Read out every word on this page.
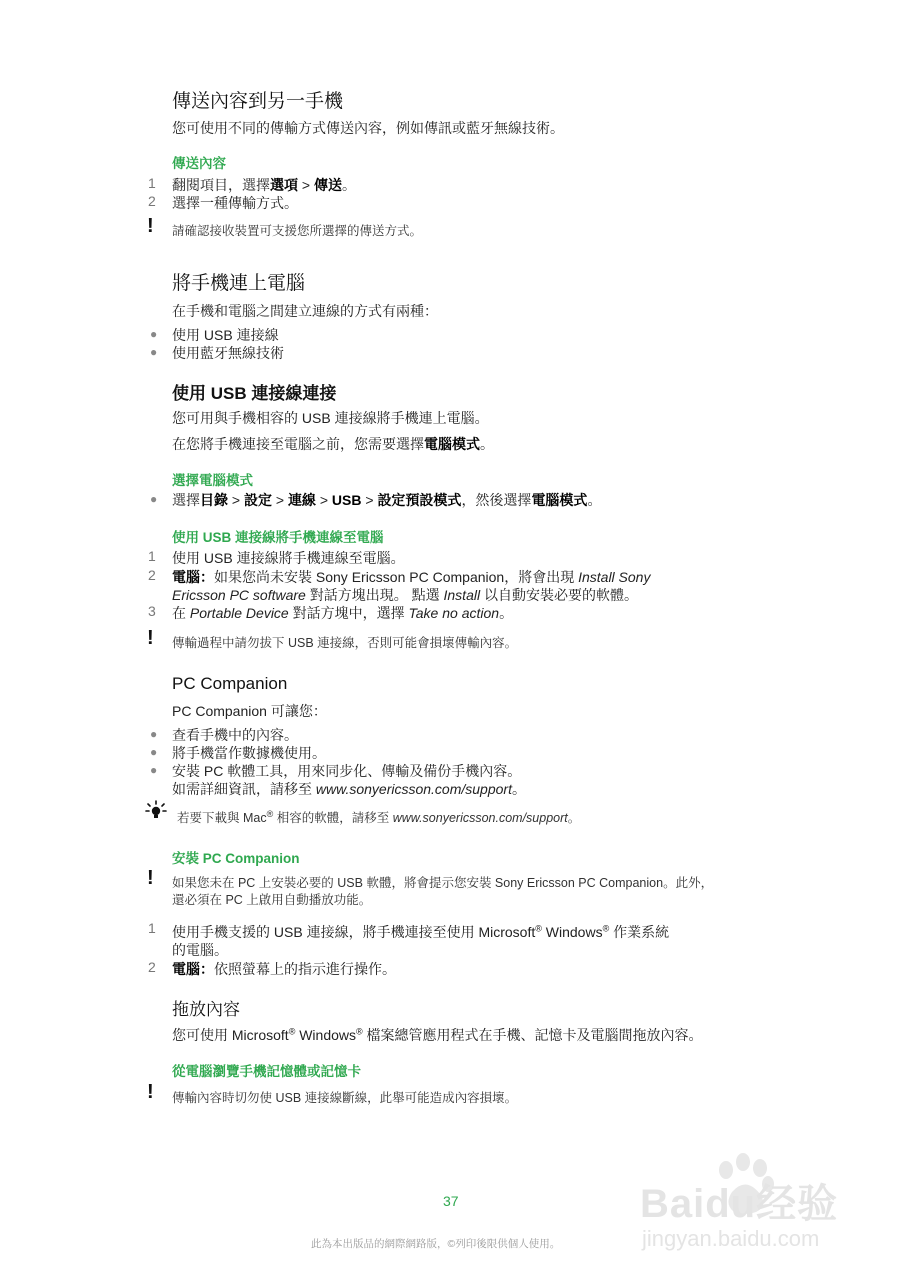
傳送內容到另一手機
您可使用不同的傳輸方式傳送內容，例如傳訊或藍牙無線技術。
傳送內容
1 翻閱項目，選擇選項 > 傳送。
2 選擇一種傳輸方式。
! 請確認接收裝置可支援您所選擇的傳送方式。
將手機連上電腦
在手機和電腦之間建立連線的方式有兩種：
● 使用 USB 連接線
● 使用藍牙無線技術
使用 USB 連接線連接
您可用與手機相容的 USB 連接線將手機連上電腦。
在您將手機連接至電腦之前，您需要選擇電腦模式。
選擇電腦模式
● 選擇目錄 > 設定 > 連線 > USB > 設定預設模式，然後選擇電腦模式。
使用 USB 連接線將手機連線至電腦
1 使用 USB 連接線將手機連線至電腦。
2 電腦：如果您尚未安裝 Sony Ericsson PC Companion，將會出現 Install Sony
Ericsson PC software 對話方塊出現。 點選 Install 以自動安裝必要的軟體。
3 在 Portable Device 對話方塊中，選擇 Take no action。
! 傳輸過程中請勿拔下 USB 連接線，否則可能會損壞傳輸內容。
PC Companion
PC Companion 可讓您：
● 查看手機中的內容。
● 將手機當作數據機使用。
● 安裝 PC 軟體工具，用來同步化、傳輸及備份手機內容。
如需詳細資訊，請移至 www.sonyericsson.com/support。
若要下載與 Mac® 相容的軟體，請移至 www.sonyericsson.com/support。
安裝 PC Companion
! 如果您未在 PC 上安裝必要的 USB 軟體，將會提示您安裝 Sony Ericsson PC Companion。此外，
還必須在 PC 上啟用自動播放功能。
1 使用手機支援的 USB 連接線，將手機連接至使用 Microsoft® Windows® 作業系統
的電腦。
2 電腦：依照螢幕上的指示進行操作。
拖放內容
您可使用 Microsoft® Windows® 檔案總管應用程式在手機、記憶卡及電腦間拖放內容。
從電腦瀏覽手機記憶體或記憶卡
! 傳輸內容時切勿使 USB 連接線斷線，此舉可能造成內容損壞。
37
此為本出版品的網際網路版，©列印後限供個人使用。
Baidu经验
jingyan.baidu.com
